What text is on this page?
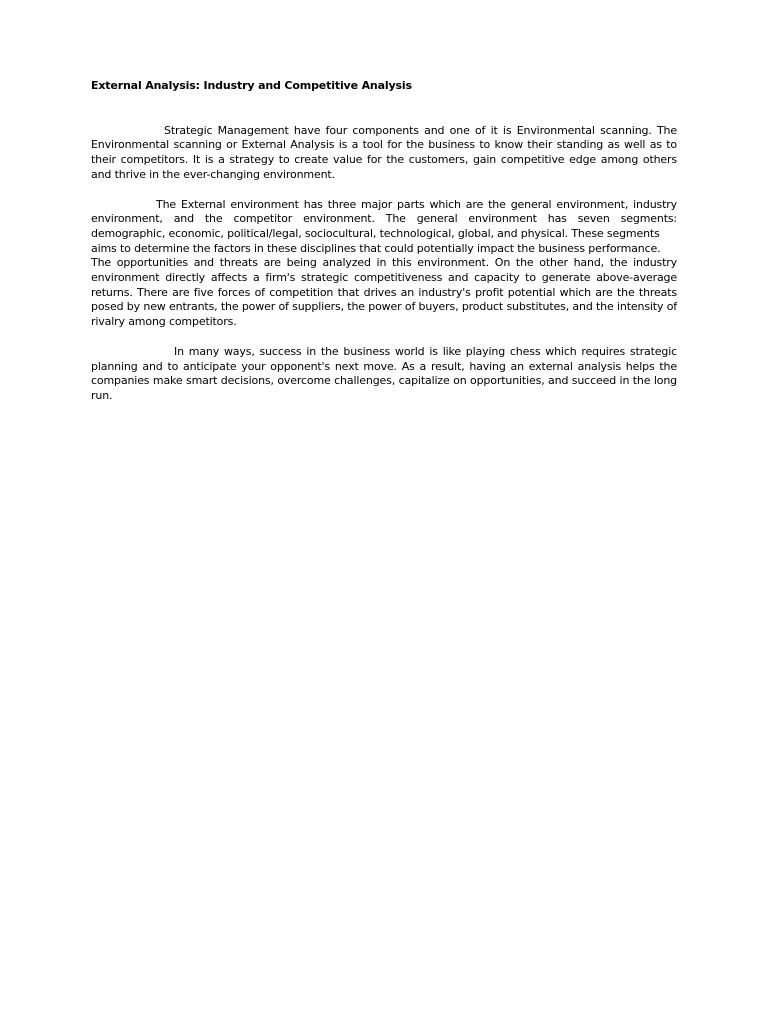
External Analysis: Industry and Competitive Analysis

Strategic Management have four components and one of it is Environmental scanning. The Environmental scanning or External Analysis is a tool for the business to know their standing as well as to their competitors. It is a strategy to create value for the customers, gain competitive edge among others and thrive in the ever-changing environment.

The External environment has three major parts which are the general environment, industry environment, and the competitor environment. The general environment has seven segments: demographic, economic, political/legal, sociocultural, technological, global, and physical. These segments

aims to determine the factors in these disciplines that could potentially impact the business performance.

The opportunities and threats are being analyzed in this environment. On the other hand, the industry environment directly affects a firm's strategic competitiveness and capacity to generate above-average returns. There are five forces of competition that drives an industry's profit potential which are the threats posed by new entrants, the power of suppliers, the power of buyers, product substitutes, and the intensity of rivalry among competitors.

In many ways, success in the business world is like playing chess which requires strategic planning and to anticipate your opponent's next move. As a result, having an external analysis helps the companies make smart decisions, overcome challenges, capitalize on opportunities, and succeed in the long run.
